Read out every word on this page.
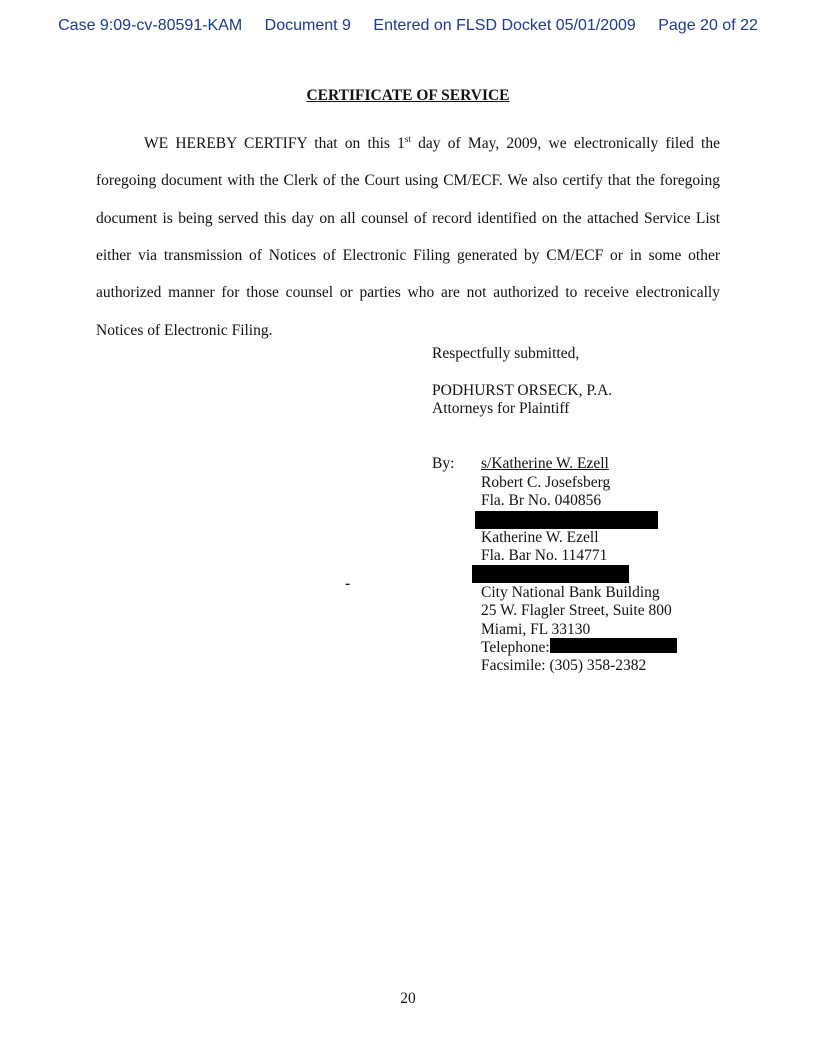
Case 9:09-cv-80591-KAM Document 9 Entered on FLSD Docket 05/01/2009 Page 20 of 22
CERTIFICATE OF SERVICE
WE HEREBY CERTIFY that on this 1st day of May, 2009, we electronically filed the foregoing document with the Clerk of the Court using CM/ECF. We also certify that the foregoing document is being served this day on all counsel of record identified on the attached Service List either via transmission of Notices of Electronic Filing generated by CM/ECF or in some other authorized manner for those counsel or parties who are not authorized to receive electronically Notices of Electronic Filing.
Respectfully submitted,
PODHURST ORSECK, P.A.
Attorneys for Plaintiff
By: s/Katherine W. Ezell
Robert C. Josefsberg
Fla. Br No. 040856
Katherine W. Ezell
Fla. Bar No. 114771
-
City National Bank Building
25 W. Flagler Street, Suite 800
Miami, FL 33130
Telephone:
Facsimile: (305) 358-2382
20
